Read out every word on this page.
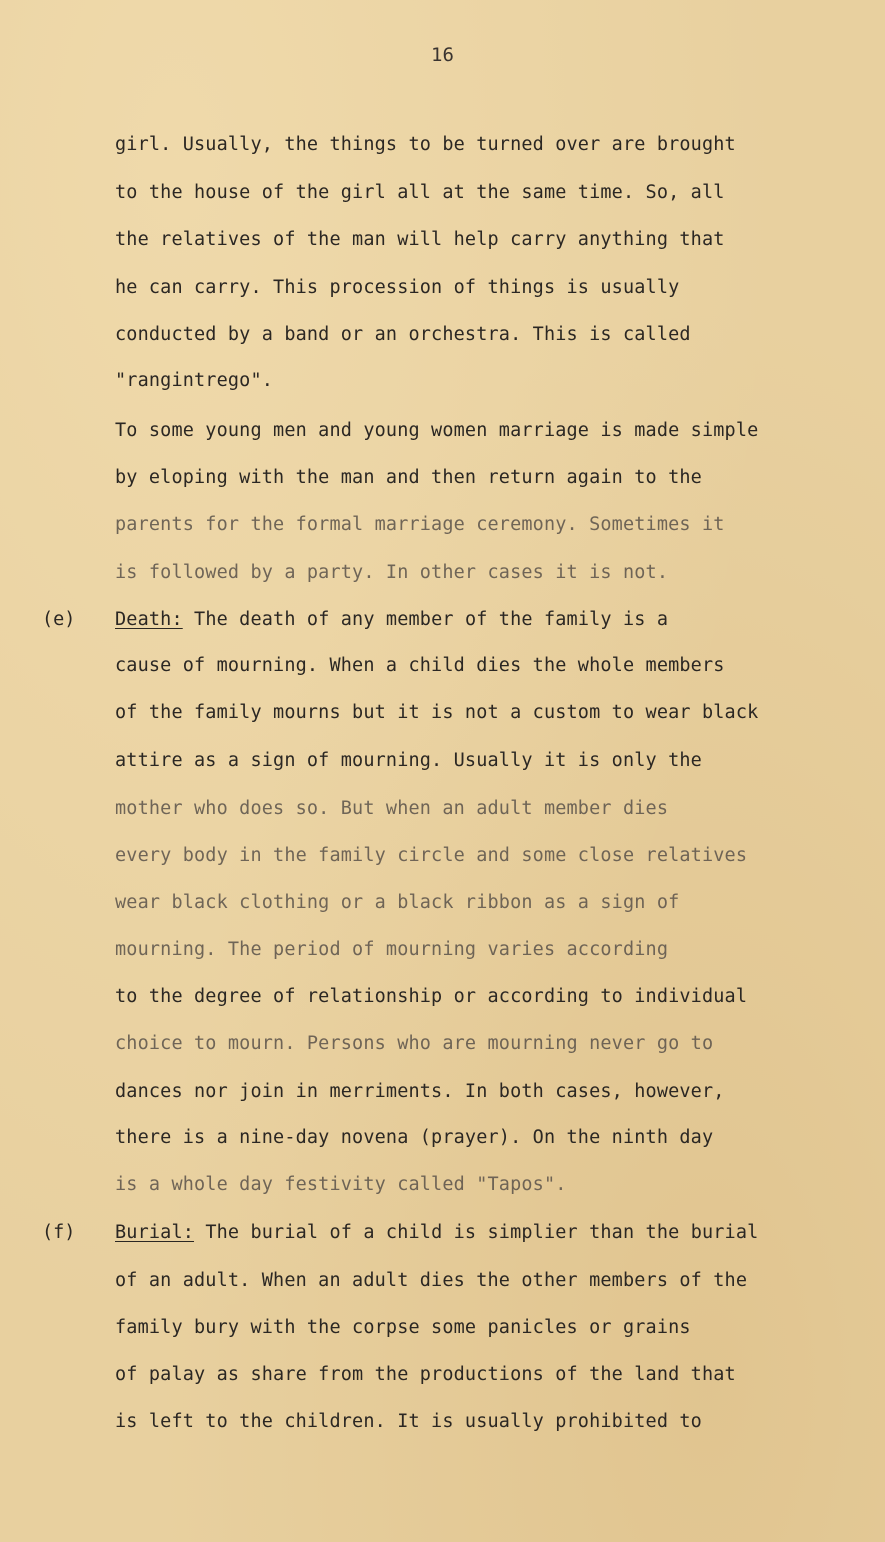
16
girl. Usually, the things to be turned over are brought
to the house of the girl all at the same time. So, all
the relatives of the man will help carry anything that
he can carry. This procession of things is usually
conducted by a band or an orchestra. This is called
"rangintrego".
To some young men and young women marriage is made simple
by eloping with the man and then return again to the
parents for the formal marriage ceremony. Sometimes it
is followed by a party. In other cases it is not.
(e)	Death: The death of any member of the family is a
cause of mourning. When a child dies the whole members
of the family mourns but it is not a custom to wear black
attire as a sign of mourning. Usually it is only the
mother who does so. But when an adult member dies
every body in the family circle and some close relatives
wear black clothing or a black ribbon as a sign of
mourning. The period of mourning varies according
to the degree of relationship or according to individual
choice to mourn. Persons who are mourning never go to
dances nor join in merriments. In both cases, however,
there is a nine-day novena (prayer). On the ninth day
is a whole day festivity called "Tapos".
(f)	Burial: The burial of a child is simplier than the burial
of an adult. When an adult dies the other members of the
family bury with the corpse some panicles or grains
of palay as share from the productions of the land that
is left to the children. It is usually prohibited to
